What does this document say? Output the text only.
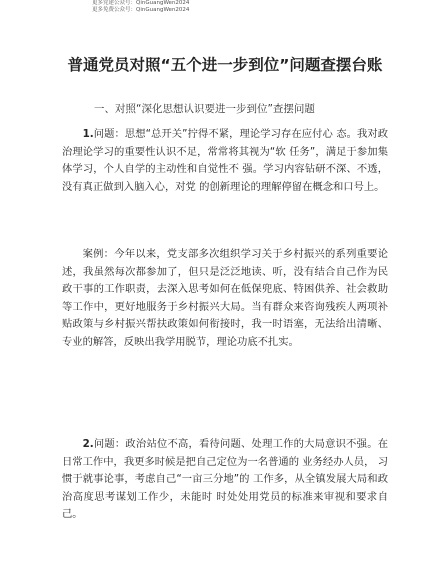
更多党建公众号：QinGuangWen2024
更多免费公众号：QinGuangWen2024
普通党员对照“五个进一步到位”问题查摆台账
一、对照“深化思想认识要进一步到位”查摆问题
1.问题：思想“总开关”拧得不紧，理论学习存在应付心 态。我对政治理论学习的重要性认识不足，常常将其视为“软 任务”，满足于参加集体学习，个人自学的主动性和自觉性不 强。学习内容钻研不深、不透，没有真正做到入脑入心，对党 的创新理论的理解停留在概念和口号上。
案例：今年以来，党支部多次组织学习关于乡村振兴的系列重要论述，我虽然每次都参加了，但只是泛泛地读、听，没有结合自己作为民政干事的工作职责，去深入思考如何在低保兜底、特困供养、社会救助等工作中，更好地服务于乡村振兴大局。当有群众来咨询残疾人两项补贴政策与乡村振兴帮扶政策如何衔接时，我一时语塞，无法给出清晰、专业的解答，反映出我学用脱节，理论功底不扎实。
2.问题：政治站位不高，看待问题、处理工作的大局意识不强。在日常工作中，我更多时候是把自己定位为一名普通的 业务经办人员， 习惯于就事论事，考虑自己“一亩三分地”的 工作多，从全镇发展大局和政治高度思考谋划工作少，未能时 时处处用党员的标准来审视和要求自己。
